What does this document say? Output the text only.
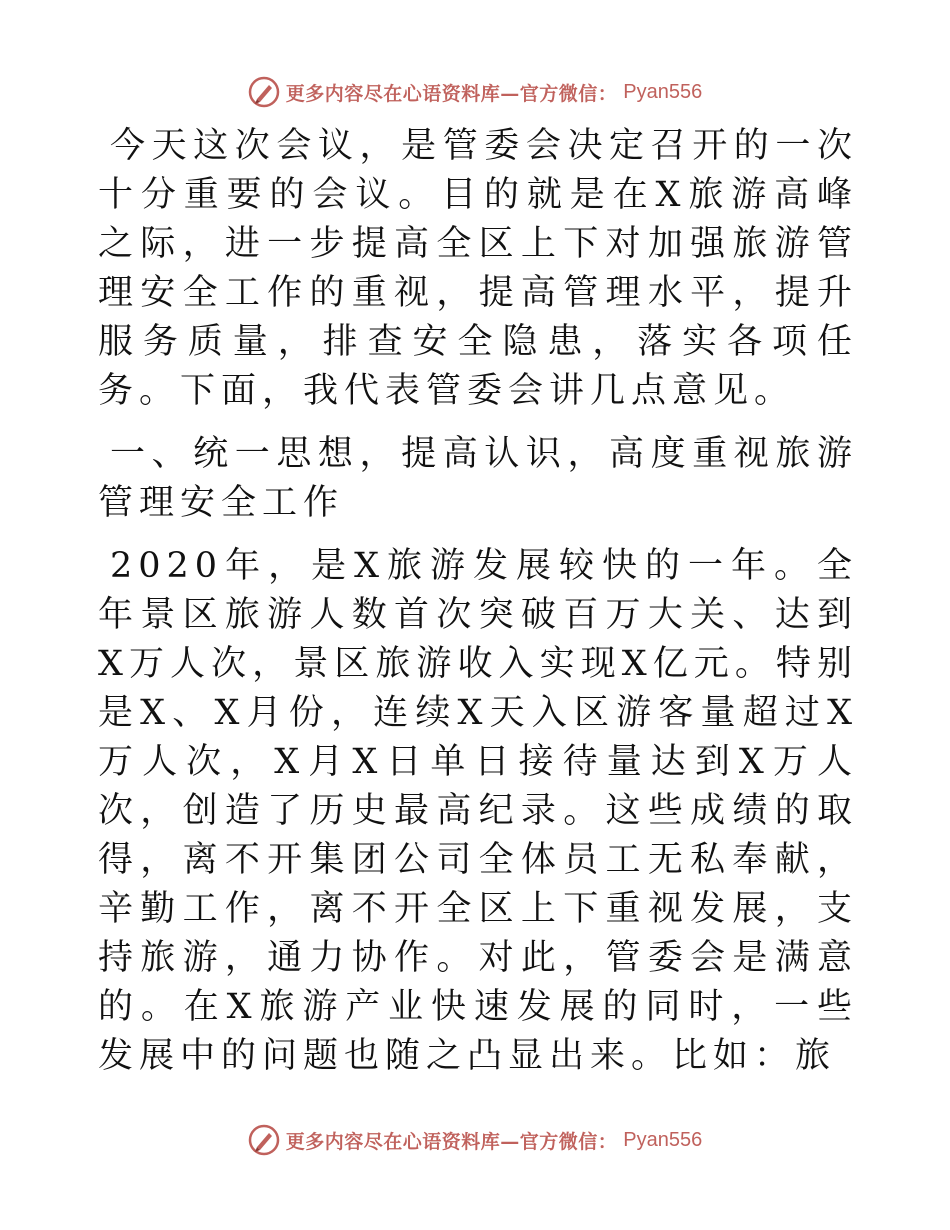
更多内容尽在心语资料库—官方微信： Pyan556

今天这次会议，是管委会决定召开的一次十分重要的会议。目的就是在X旅游高峰之际，进一步提高全区上下对加强旅游管理安全工作的重视，提高管理水平，提升服务质量，排查安全隐患，落实各项任务。下面，我代表管委会讲几点意见。

一、统一思想，提高认识，高度重视旅游管理安全工作

2020年，是X旅游发展较快的一年。全年景区旅游人数首次突破百万大关、达到X万人次，景区旅游收入实现X亿元。特别是X、X月份，连续X天入区游客量超过X万人次，X月X日单日接待量达到X万人次，创造了历史最高纪录。这些成绩的取得，离不开集团公司全体员工无私奉献，辛勤工作，离不开全区上下重视发展，支持旅游，通力协作。对此，管委会是满意的。在X旅游产业快速发展的同时，一些发展中的问题也随之凸显出来。比如：旅

更多内容尽在心语资料库—官方微信： Pyan556
